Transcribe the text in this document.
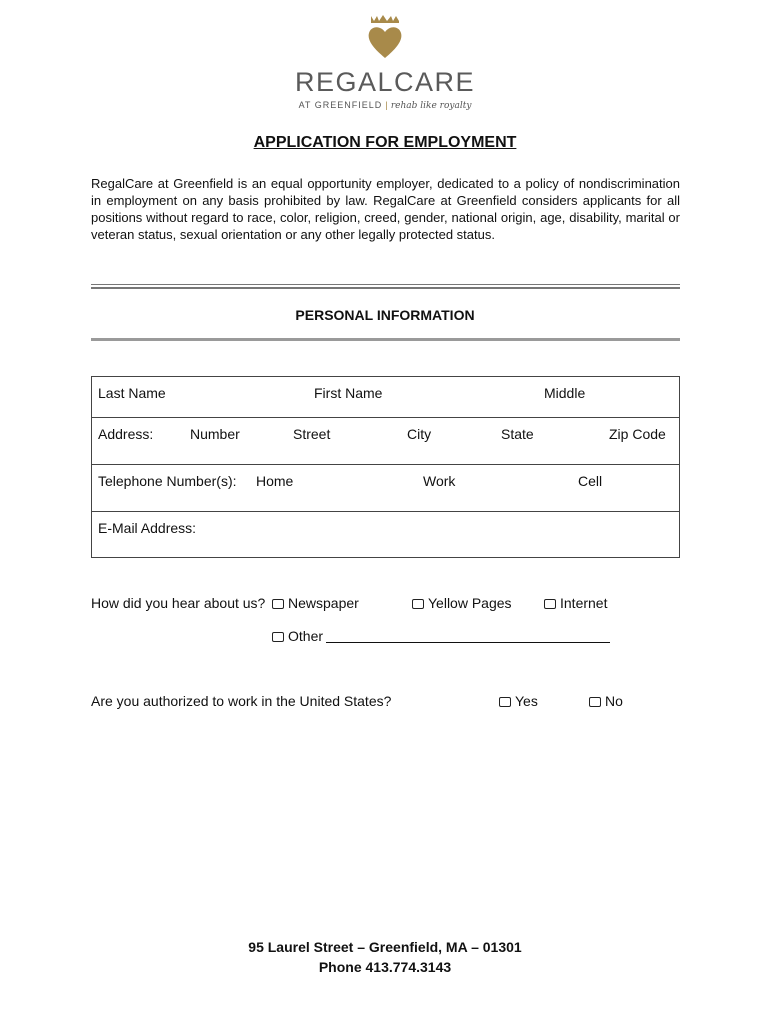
REGALCARE
AT GREENFIELD | rehab like royalty
APPLICATION FOR EMPLOYMENT
RegalCare at Greenfield is an equal opportunity employer, dedicated to a policy of nondiscrimination in employment on any basis prohibited by law. RegalCare at Greenfield considers applicants for all positions without regard to race, color, religion, creed, gender, national origin, age, disability, marital or veteran status, sexual orientation or any other legally protected status.
PERSONAL INFORMATION
Last Name	First Name	Middle
Address:	Number	Street	City	State	Zip Code
Telephone Number(s): Home	Work	Cell
E-Mail Address:
How did you hear about us?	Newspaper	Yellow Pages	Internet
Other
Are you authorized to work in the United States?	Yes	No
95 Laurel Street – Greenfield, MA – 01301
Phone 413.774.3143
